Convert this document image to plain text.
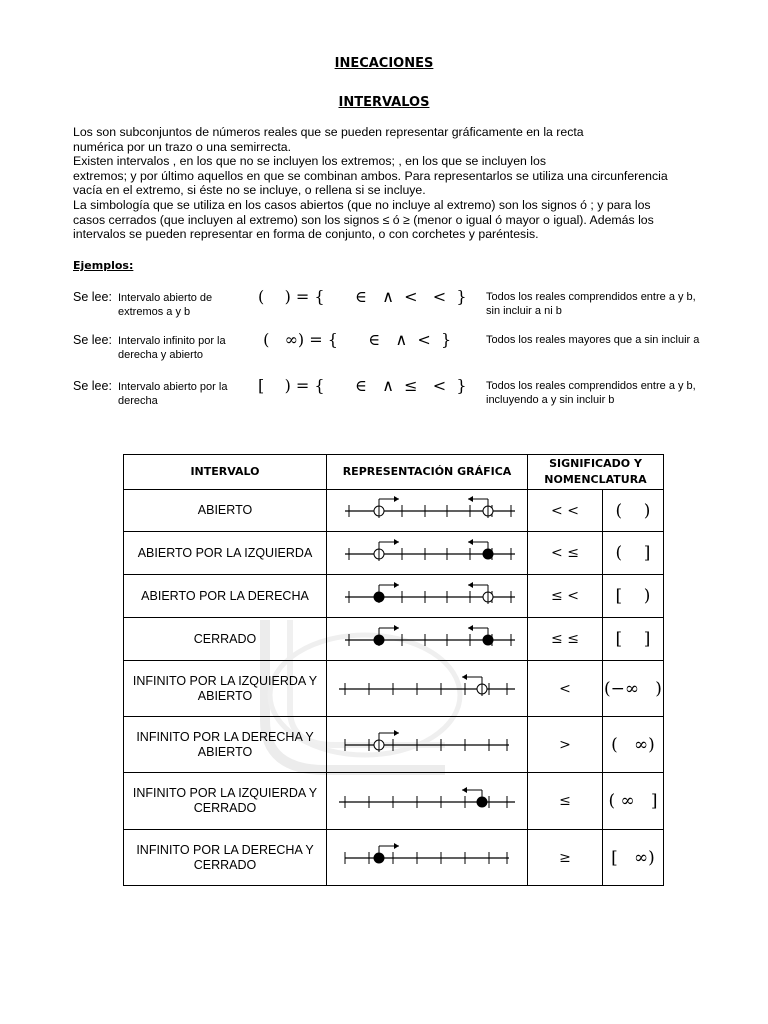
INECACIONES
INTERVALOS
Los son subconjuntos de números reales que se pueden representar gráficamente en la recta
numérica por un trazo o una semirrecta.
Existen intervalos , en los que no se incluyen los extremos; , en los que se incluyen los
extremos; y por último aquellos en que se combinan ambos. Para representarlos se utiliza una circunferencia
vacía en el extremo, si éste no se incluye, o rellena si se incluye.
La simbología que se utiliza en los casos abiertos (que no incluye al extremo) son los signos ó ; y para los
casos cerrados (que incluyen al extremo) son los signos ≤ ó ≥ (menor o igual ó mayor o igual). Además los
intervalos se pueden representar en forma de conjunto, o con corchetes y paréntesis.
Ejemplos:
Se lee: Intervalo abierto de extremos a y b
(    ) = {      ∈   ∧  <   <  } Todos los reales comprendidos entre a y b, sin incluir a ni b
Se lee: Intervalo infinito por la derecha y abierto
(   ∞) = {      ∈   ∧  <  }	Todos los reales mayores que a sin incluir a
Se lee: Intervalo abierto por la derecha
[    ) = {      ∈   ∧  ≤   <  } Todos los reales comprendidos entre a y b, incluyendo a y sin incluir b
INTERVALO	REPRESENTACIÓN GRÁFICA	SIGNIFICADO Y NOMENCLATURA	
ABIERTO		< <	(    )
ABIERTO POR LA IZQUIERDA		< ≤	(    ]
ABIERTO POR LA DERECHA		≤ <	[    )
CERRADO		≤ ≤	[    ]
INFINITO POR LA IZQUIERDA Y ABIERTO		<	(−∞   )
INFINITO POR LA DERECHA Y ABIERTO		>	(   ∞)
INFINITO POR LA IZQUIERDA Y CERRADO		≤	( ∞   ]
INFINITO POR LA DERECHA Y CERRADO		≥	[   ∞)
